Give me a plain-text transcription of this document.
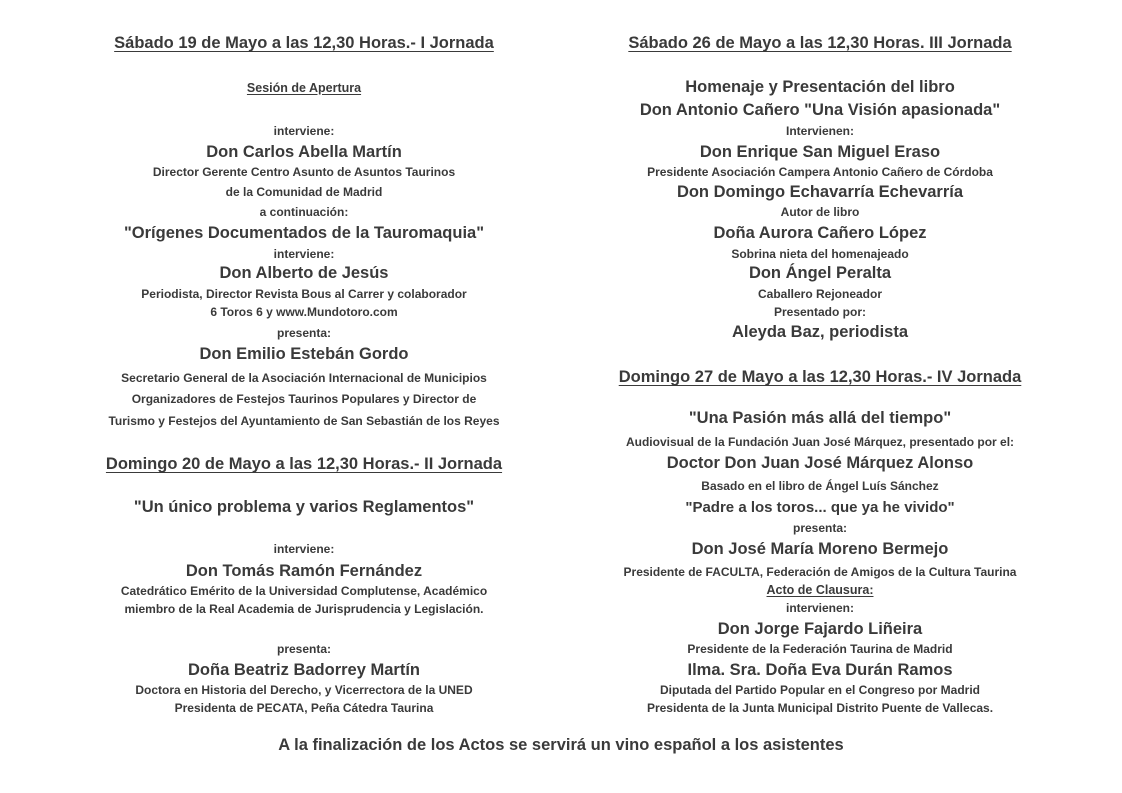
Sábado 19 de Mayo a las 12,30 Horas.- I Jornada
Sesión de Apertura
interviene:
Don Carlos Abella Martín
Director Gerente Centro Asunto de Asuntos Taurinos
de la Comunidad de Madrid
a continuación:
"Orígenes Documentados de la Tauromaquia"
interviene:
Don Alberto de Jesús
Periodista, Director Revista Bous al Carrer y colaborador
6 Toros 6 y www.Mundotoro.com
presenta:
Don Emilio Estebán Gordo
Secretario General de la Asociación Internacional de Municipios
Organizadores de Festejos Taurinos Populares y Director de
Turismo y Festejos del Ayuntamiento de San Sebastián de los Reyes
Domingo 20 de Mayo a las 12,30 Horas.- II Jornada
"Un único problema y varios Reglamentos"
interviene:
Don Tomás Ramón Fernández
Catedrático Emérito de la Universidad Complutense, Académico
miembro de la Real Academia de Jurisprudencia y Legislación.
presenta:
Doña Beatriz Badorrey Martín
Doctora en Historia del Derecho, y Vicerrectora de la UNED
Presidenta de PECATA, Peña Cátedra Taurina
Sábado 26 de Mayo a las 12,30 Horas. III Jornada
Homenaje y Presentación del libro
Don Antonio Cañero "Una Visión apasionada"
Intervienen:
Don Enrique San Miguel Eraso
Presidente Asociación Campera Antonio Cañero de Córdoba
Don Domingo Echavarría Echevarría
Autor de libro
Doña Aurora Cañero López
Sobrina nieta del homenajeado
Don Ángel Peralta
Caballero Rejoneador
Presentado por:
Aleyda Baz, periodista
Domingo 27 de Mayo a las 12,30 Horas.- IV Jornada
"Una Pasión más allá del tiempo"
Audiovisual de la Fundación Juan José Márquez, presentado por el:
Doctor Don Juan José Márquez Alonso
Basado en el libro de Ángel Luís Sánchez
"Padre a los toros... que ya he vivido"
presenta:
Don José María Moreno Bermejo
Presidente de FACULTA, Federación de Amigos de la Cultura Taurina
Acto de Clausura:
intervienen:
Don Jorge Fajardo Liñeira
Presidente de la Federación Taurina de Madrid
Ilma. Sra. Doña Eva Durán Ramos
Diputada del Partido Popular en el Congreso por Madrid
Presidenta de la Junta Municipal Distrito Puente de Vallecas.
A la finalización de los Actos se servirá un vino español a los asistentes
